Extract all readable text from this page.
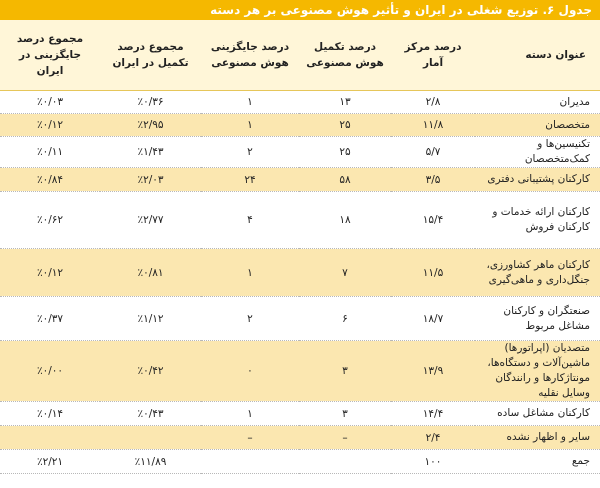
جدول ۶. توزیع شغلی در ایران و تأثیر هوش مصنوعی بر هر دسته
عنوان دسته	درصد مرکز آمار	درصد تکمیل هوش مصنوعی	درصد جایگزینی هوش مصنوعی	مجموع درصد تکمیل در ایران	مجموع درصد جایگزینی در ایران
مدیران	۲/۸	۱۳	۱	٪۰/۳۶	٪۰/۰۳
متخصصان	۱۱/۸	۲۵	۱	٪۲/۹۵	٪۰/۱۲
تکنیسین‌ها و کمک‌متخصصان	۵/۷	۲۵	۲	٪۱/۴۳	٪۰/۱۱
کارکنان پشتیبانی دفتری	۳/۵	۵۸	۲۴	٪۲/۰۳	٪۰/۸۴
کارکنان ارائه خدمات و کارکنان فروش	۱۵/۴	۱۸	۴	٪۲/۷۷	٪۰/۶۲
کارکنان ماهر کشاورزی، جنگل‌داری و ماهی‌گیری	۱۱/۵	۷	۱	٪۰/۸۱	٪۰/۱۲
صنعتگران و کارکنان مشاغل مربوط	۱۸/۷	۶	۲	٪۱/۱۲	٪۰/۳۷
متصدیان (اپراتورها) ماشین‌آلات و دستگاه‌ها، مونتاژکارها و رانندگان وسایل نقلیه	۱۳/۹	۳	۰	٪۰/۴۲	٪۰/۰۰
کارکنان مشاغل ساده	۱۴/۴	۳	۱	٪۰/۴۳	٪۰/۱۴
سایر و اظهار نشده	۲/۴	–	–		
جمع	۱۰۰			٪۱۱/۸۹	٪۲/۲۱
